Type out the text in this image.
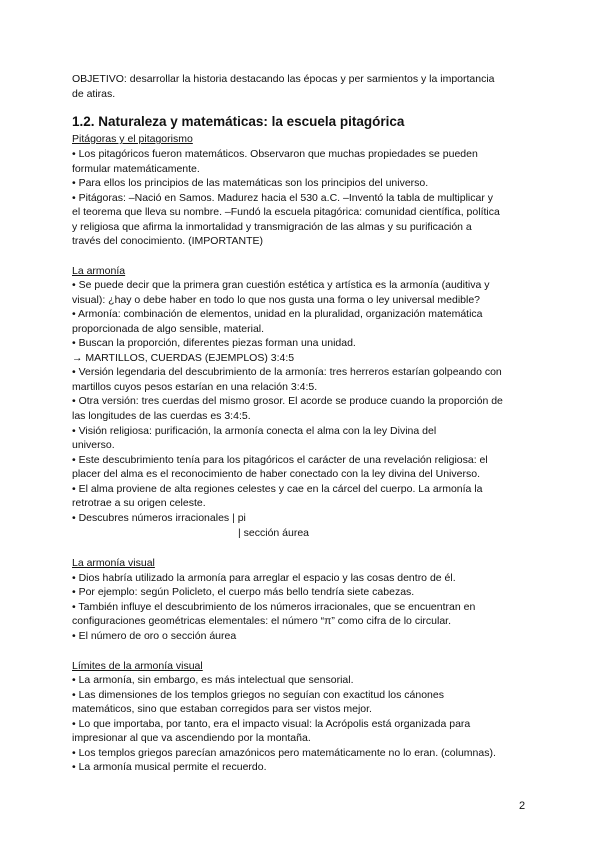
OBJETIVO: desarrollar la historia destacando las épocas y per sarmientos y la importancia
de atiras.
1.2. Naturaleza y matemáticas: la escuela pitagórica
Pitágoras y el pitagorismo
• Los pitagóricos fueron matemáticos. Observaron que muchas propiedades se pueden
formular matemáticamente.
• Para ellos los principios de las matemáticas son los principios del universo.
• Pitágoras: –Nació en Samos. Madurez hacia el 530 a.C. –Inventó la tabla de multiplicar y
el teorema que lleva su nombre. –Fundó la escuela pitagórica: comunidad científica, política
y religiosa que afirma la inmortalidad y transmigración de las almas y su purificación a
través del conocimiento. (IMPORTANTE)
La armonía
• Se puede decir que la primera gran cuestión estética y artística es la armonía (auditiva y
visual): ¿hay o debe haber en todo lo que nos gusta una forma o ley universal medible?
• Armonía: combinación de elementos, unidad en la pluralidad, organización matemática
proporcionada de algo sensible, material.
• Buscan la proporción, diferentes piezas forman una unidad.
→ MARTILLOS, CUERDAS (EJEMPLOS) 3:4:5
• Versión legendaria del descubrimiento de la armonía: tres herreros estarían golpeando con
martillos cuyos pesos estarían en una relación 3:4:5.
• Otra versión: tres cuerdas del mismo grosor. El acorde se produce cuando la proporción de
las longitudes de las cuerdas es 3:4:5.
• Visión religiosa: purificación, la armonía conecta el alma con la ley Divina del
universo.
• Este descubrimiento tenía para los pitagóricos el carácter de una revelación religiosa: el
placer del alma es el reconocimiento de haber conectado con la ley divina del Universo.
• El alma proviene de alta regiones celestes y cae en la cárcel del cuerpo. La armonía la
retrotrae a su origen celeste.
• Descubres números irracionales | pi
| sección áurea
La armonía visual
• Dios habría utilizado la armonía para arreglar el espacio y las cosas dentro de él.
• Por ejemplo: según Policleto, el cuerpo más bello tendría siete cabezas.
• También influye el descubrimiento de los números irracionales, que se encuentran en
configuraciones geométricas elementales: el número “π” como cifra de lo circular.
• El número de oro o sección áurea
Límites de la armonía visual
• La armonía, sin embargo, es más intelectual que sensorial.
• Las dimensiones de los templos griegos no seguían con exactitud los cánones
matemáticos, sino que estaban corregidos para ser vistos mejor.
• Lo que importaba, por tanto, era el impacto visual: la Acrópolis está organizada para
impresionar al que va ascendiendo por la montaña.
• Los templos griegos parecían amazónicos pero matemáticamente no lo eran. (columnas).
• La armonía musical permite el recuerdo.
2
